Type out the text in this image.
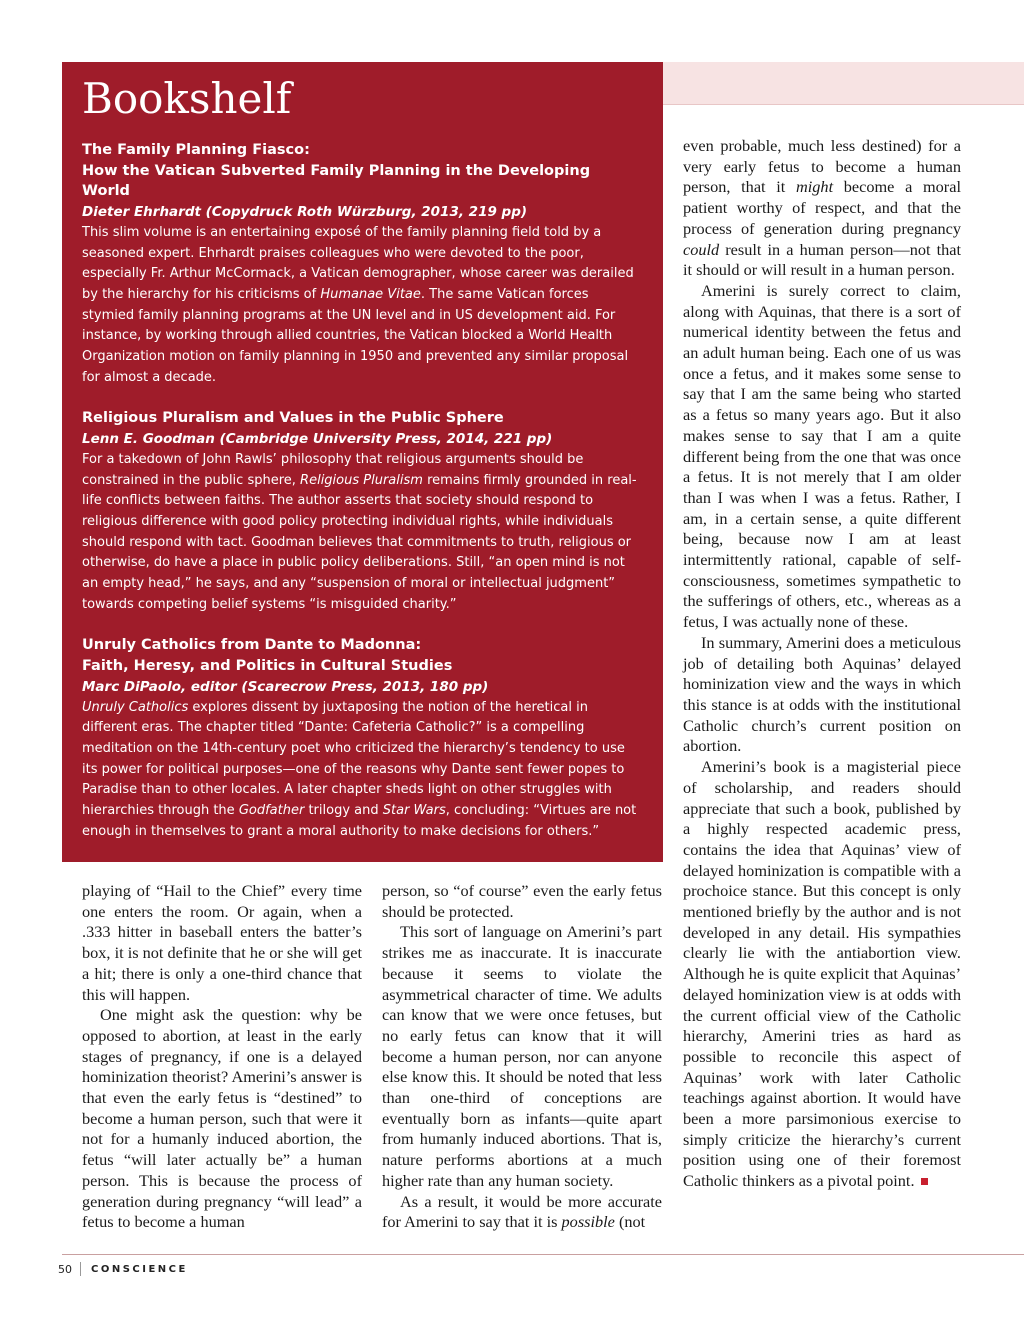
Bookshelf
The Family Planning Fiasco:
How the Vatican Subverted Family Planning in the Developing World
Dieter Ehrhardt (Copydruck Roth Würzburg, 2013, 219 pp)
This slim volume is an entertaining exposé of the family planning field told by a seasoned expert. Ehrhardt praises colleagues who were devoted to the poor, especially Fr. Arthur McCormack, a Vatican demographer, whose career was derailed by the hierarchy for his criticisms of Humanae Vitae. The same Vatican forces stymied family planning programs at the UN level and in US development aid. For instance, by working through allied countries, the Vatican blocked a World Health Organization motion on family planning in 1950 and prevented any similar proposal for almost a decade.
Religious Pluralism and Values in the Public Sphere
Lenn E. Goodman (Cambridge University Press, 2014, 221 pp)
For a takedown of John Rawls’ philosophy that religious arguments should be constrained in the public sphere, Religious Pluralism remains firmly grounded in real-life conflicts between faiths. The author asserts that society should respond to religious difference with good policy protecting individual rights, while individuals should respond with tact. Goodman believes that commitments to truth, religious or otherwise, do have a place in public policy deliberations. Still, “an open mind is not an empty head,” he says, and any “suspension of moral or intellectual judgment” towards competing belief systems “is misguided charity.”
Unruly Catholics from Dante to Madonna:
Faith, Heresy, and Politics in Cultural Studies
Marc DiPaolo, editor (Scarecrow Press, 2013, 180 pp)
Unruly Catholics explores dissent by juxtaposing the notion of the heretical in different eras. The chapter titled “Dante: Cafeteria Catholic?” is a compelling meditation on the 14th-century poet who criticized the hierarchy’s tendency to use its power for political purposes—one of the reasons why Dante sent fewer popes to Paradise than to other locales. A later chapter sheds light on other struggles with hierarchies through the Godfather trilogy and Star Wars, concluding: “Virtues are not enough in themselves to grant a moral authority to make decisions for others.”

playing of “Hail to the Chief” every time one enters the room. Or again, when a .333 hitter in baseball enters the batter’s box, it is not definite that he or she will get a hit; there is only a one-third chance that this will happen.

One might ask the question: why be opposed to abortion, at least in the early stages of pregnancy, if one is a delayed hominization theorist? Amerini’s answer is that even the early fetus is “destined” to become a human person, such that were it not for a humanly induced abortion, the fetus “will later actually be” a human person. This is because the process of generation during pregnancy “will lead” a fetus to become a human

person, so “of course” even the early fetus should be protected.

This sort of language on Amerini’s part strikes me as inaccurate. It is inaccurate because it seems to violate the asymmetrical character of time. We adults can know that we were once fetuses, but no early fetus can know that it will become a human person, nor can anyone else know this. It should be noted that less than one-third of conceptions are eventually born as infants—quite apart from humanly induced abortions. That is, nature performs abortions at a much higher rate than any human society.

As a result, it would be more accurate for Amerini to say that it is possible (not

even probable, much less destined) for a very early fetus to become a human person, that it might become a moral patient worthy of respect, and that the process of generation during pregnancy could result in a human person—not that it should or will result in a human person.

Amerini is surely correct to claim, along with Aquinas, that there is a sort of numerical identity between the fetus and an adult human being. Each one of us was once a fetus, and it makes some sense to say that I am the same being who started as a fetus so many years ago. But it also makes sense to say that I am a quite different being from the one that was once a fetus. It is not merely that I am older than I was when I was a fetus. Rather, I am, in a certain sense, a quite different being, because now I am at least intermittently rational, capable of self-consciousness, sometimes sympathetic to the sufferings of others, etc., whereas as a fetus, I was actually none of these.

In summary, Amerini does a meticulous job of detailing both Aquinas’ delayed hominization view and the ways in which this stance is at odds with the institutional Catholic church’s current position on abortion.

Amerini’s book is a magisterial piece of scholarship, and readers should appreciate that such a book, published by a highly respected academic press, contains the idea that Aquinas’ view of delayed hominization is compatible with a prochoice stance. But this concept is only mentioned briefly by the author and is not developed in any detail. His sympathies clearly lie with the antiabortion view. Although he is quite explicit that Aquinas’ delayed hominization view is at odds with the current official view of the Catholic hierarchy, Amerini tries as hard as possible to reconcile this aspect of Aquinas’ work with later Catholic teachings against abortion. It would have been a more parsimonious exercise to simply criticize the hierarchy’s current position using one of their foremost Catholic thinkers as a pivotal point.

50	CONSCIENCE
